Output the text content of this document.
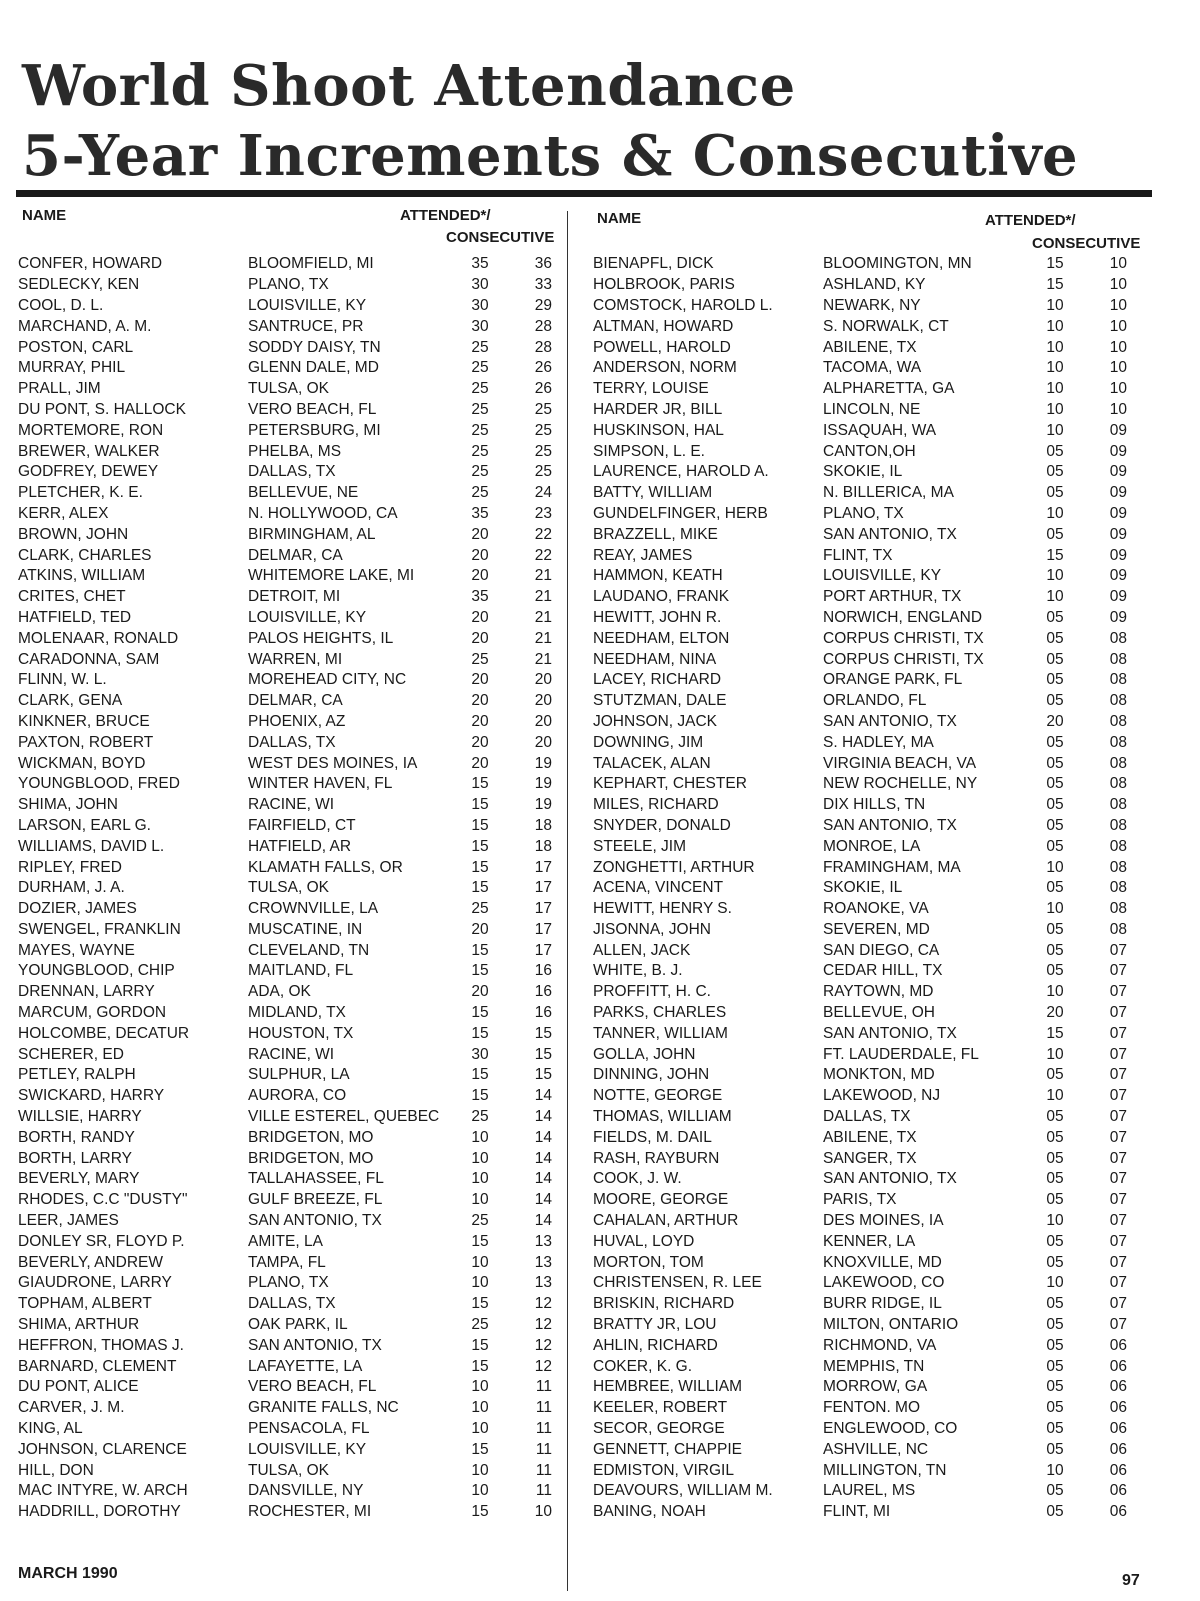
World Shoot Attendance
5-Year Increments & Consecutive
NAME	ATTENDED*/
CONSECUTIVE
NAME	ATTENDED*/
CONSECUTIVE
CONFER, HOWARD	BLOOMFIELD, MI	35	36
SEDLECKY, KEN	PLANO, TX	30	33
COOL, D. L.	LOUISVILLE, KY	30	29
MARCHAND, A. M.	SANTRUCE, PR	30	28
POSTON, CARL	SODDY DAISY, TN	25	28
MURRAY, PHIL	GLENN DALE, MD	25	26
PRALL, JIM	TULSA, OK	25	26
DU PONT, S. HALLOCK	VERO BEACH, FL	25	25
MORTEMORE, RON	PETERSBURG, MI	25	25
BREWER, WALKER	PHELBA, MS	25	25
GODFREY, DEWEY	DALLAS, TX	25	25
PLETCHER, K. E.	BELLEVUE, NE	25	24
KERR, ALEX	N. HOLLYWOOD, CA	35	23
BROWN, JOHN	BIRMINGHAM, AL	20	22
CLARK, CHARLES	DELMAR, CA	20	22
ATKINS, WILLIAM	WHITEMORE LAKE, MI	20	21
CRITES, CHET	DETROIT, MI	35	21
HATFIELD, TED	LOUISVILLE, KY	20	21
MOLENAAR, RONALD	PALOS HEIGHTS, IL	20	21
CARADONNA, SAM	WARREN, MI	25	21
FLINN, W. L.	MOREHEAD CITY, NC	20	20
CLARK, GENA	DELMAR, CA	20	20
KINKNER, BRUCE	PHOENIX, AZ	20	20
PAXTON, ROBERT	DALLAS, TX	20	20
WICKMAN, BOYD	WEST DES MOINES, IA	20	19
YOUNGBLOOD, FRED	WINTER HAVEN, FL	15	19
SHIMA, JOHN	RACINE, WI	15	19
LARSON, EARL G.	FAIRFIELD, CT	15	18
WILLIAMS, DAVID L.	HATFIELD, AR	15	18
RIPLEY, FRED	KLAMATH FALLS, OR	15	17
DURHAM, J. A.	TULSA, OK	15	17
DOZIER, JAMES	CROWNVILLE, LA	25	17
SWENGEL, FRANKLIN	MUSCATINE, IN	20	17
MAYES, WAYNE	CLEVELAND, TN	15	17
YOUNGBLOOD, CHIP	MAITLAND, FL	15	16
DRENNAN, LARRY	ADA, OK	20	16
MARCUM, GORDON	MIDLAND, TX	15	16
HOLCOMBE, DECATUR	HOUSTON, TX	15	15
SCHERER, ED	RACINE, WI	30	15
PETLEY, RALPH	SULPHUR, LA	15	15
SWICKARD, HARRY	AURORA, CO	15	14
WILLSIE, HARRY	VILLE ESTEREL, QUEBEC	25	14
BORTH, RANDY	BRIDGETON, MO	10	14
BORTH, LARRY	BRIDGETON, MO	10	14
BEVERLY, MARY	TALLAHASSEE, FL	10	14
RHODES, C.C "DUSTY"	GULF BREEZE, FL	10	14
LEER, JAMES	SAN ANTONIO, TX	25	14
DONLEY SR, FLOYD P.	AMITE, LA	15	13
BEVERLY, ANDREW	TAMPA, FL	10	13
GIAUDRONE, LARRY	PLANO, TX	10	13
TOPHAM, ALBERT	DALLAS, TX	15	12
SHIMA, ARTHUR	OAK PARK, IL	25	12
HEFFRON, THOMAS J.	SAN ANTONIO, TX	15	12
BARNARD, CLEMENT	LAFAYETTE, LA	15	12
DU PONT, ALICE	VERO BEACH, FL	10	11
CARVER, J. M.	GRANITE FALLS, NC	10	11
KING, AL	PENSACOLA, FL	10	11
JOHNSON, CLARENCE	LOUISVILLE, KY	15	11
HILL, DON	TULSA, OK	10	11
MAC INTYRE, W. ARCH	DANSVILLE, NY	10	11
HADDRILL, DOROTHY	ROCHESTER, MI	15	10
BIENAPFL, DICK	BLOOMINGTON, MN	15	10
HOLBROOK, PARIS	ASHLAND, KY	15	10
COMSTOCK, HAROLD L.	NEWARK, NY	10	10
ALTMAN, HOWARD	S. NORWALK, CT	10	10
POWELL, HAROLD	ABILENE, TX	10	10
ANDERSON, NORM	TACOMA, WA	10	10
TERRY, LOUISE	ALPHARETTA, GA	10	10
HARDER JR, BILL	LINCOLN, NE	10	10
HUSKINSON, HAL	ISSAQUAH, WA	10	09
SIMPSON, L. E.	CANTON,OH	05	09
LAURENCE, HAROLD A.	SKOKIE, IL	05	09
BATTY, WILLIAM	N. BILLERICA, MA	05	09
GUNDELFINGER, HERB	PLANO, TX	10	09
BRAZZELL, MIKE	SAN ANTONIO, TX	05	09
REAY, JAMES	FLINT, TX	15	09
HAMMON, KEATH	LOUISVILLE, KY	10	09
LAUDANO, FRANK	PORT ARTHUR, TX	10	09
HEWITT, JOHN R.	NORWICH, ENGLAND	05	09
NEEDHAM, ELTON	CORPUS CHRISTI, TX	05	08
NEEDHAM, NINA	CORPUS CHRISTI, TX	05	08
LACEY, RICHARD	ORANGE PARK, FL	05	08
STUTZMAN, DALE	ORLANDO, FL	05	08
JOHNSON, JACK	SAN ANTONIO, TX	20	08
DOWNING, JIM	S. HADLEY, MA	05	08
TALACEK, ALAN	VIRGINIA BEACH, VA	05	08
KEPHART, CHESTER	NEW ROCHELLE, NY	05	08
MILES, RICHARD	DIX HILLS, TN	05	08
SNYDER, DONALD	SAN ANTONIO, TX	05	08
STEELE, JIM	MONROE, LA	05	08
ZONGHETTI, ARTHUR	FRAMINGHAM, MA	10	08
ACENA, VINCENT	SKOKIE, IL	05	08
HEWITT, HENRY S.	ROANOKE, VA	10	08
JISONNA, JOHN	SEVEREN, MD	05	08
ALLEN, JACK	SAN DIEGO, CA	05	07
WHITE, B. J.	CEDAR HILL, TX	05	07
PROFFITT, H. C.	RAYTOWN, MD	10	07
PARKS, CHARLES	BELLEVUE, OH	20	07
TANNER, WILLIAM	SAN ANTONIO, TX	15	07
GOLLA, JOHN	FT. LAUDERDALE, FL	10	07
DINNING, JOHN	MONKTON, MD	05	07
NOTTE, GEORGE	LAKEWOOD, NJ	10	07
THOMAS, WILLIAM	DALLAS, TX	05	07
FIELDS, M. DAIL	ABILENE, TX	05	07
RASH, RAYBURN	SANGER, TX	05	07
COOK, J. W.	SAN ANTONIO, TX	05	07
MOORE, GEORGE	PARIS, TX	05	07
CAHALAN, ARTHUR	DES MOINES, IA	10	07
HUVAL, LOYD	KENNER, LA	05	07
MORTON, TOM	KNOXVILLE, MD	05	07
CHRISTENSEN, R. LEE	LAKEWOOD, CO	10	07
BRISKIN, RICHARD	BURR RIDGE, IL	05	07
BRATTY JR, LOU	MILTON, ONTARIO	05	07
AHLIN, RICHARD	RICHMOND, VA	05	06
COKER, K. G.	MEMPHIS, TN	05	06
HEMBREE, WILLIAM	MORROW, GA	05	06
KEELER, ROBERT	FENTON. MO	05	06
SECOR, GEORGE	ENGLEWOOD, CO	05	06
GENNETT, CHAPPIE	ASHVILLE, NC	05	06
EDMISTON, VIRGIL	MILLINGTON, TN	10	06
DEAVOURS, WILLIAM M.	LAUREL, MS	05	06
BANING, NOAH	FLINT, MI	05	06
MARCH 1990	97
